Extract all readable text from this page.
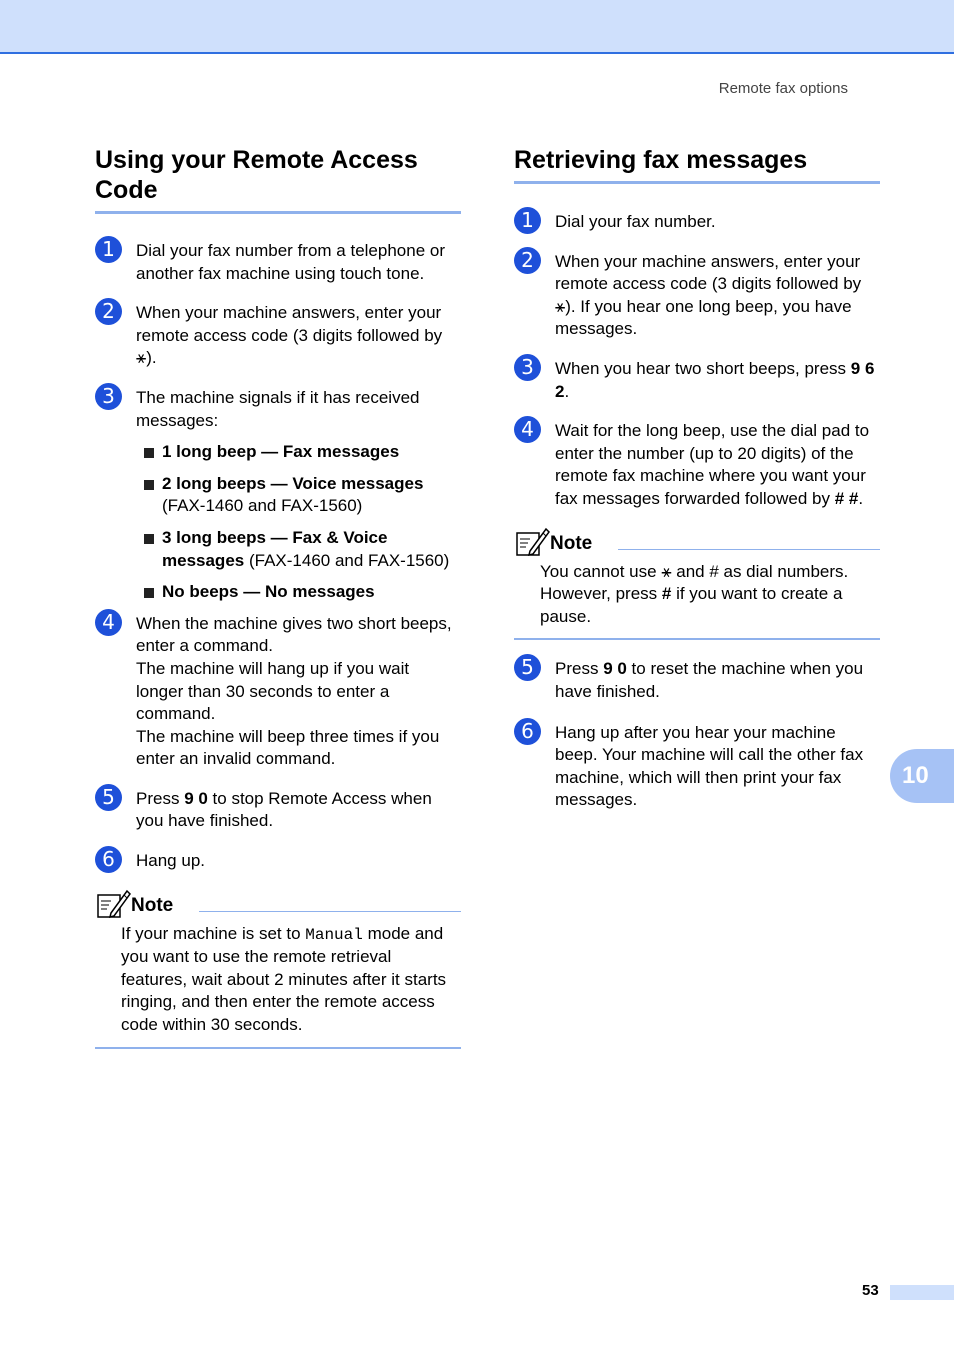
Remote fax options
Using your Remote Access Code
1	Dial your fax number from a telephone or another fax machine using touch tone.

2	When your machine answers, enter your remote access code (3 digits followed by ⚹).

3	The machine signals if it has received messages:

1 long beep — Fax messages
2 long beeps — Voice messages
(FAX-1460 and FAX-1560)
3 long beeps — Fax & Voice messages (FAX-1460 and FAX-1560)
No beeps — No messages
4	When the machine gives two short beeps, enter a command.

The machine will hang up if you wait longer than 30 seconds to enter a command.

The machine will beep three times if you enter an invalid command.

5	Press 9 0 to stop Remote Access when you have finished.

6	Hang up.

Note

If your machine is set to Manual mode and you want to use the remote retrieval features, wait about 2 minutes after it starts ringing, and then enter the remote access code within 30 seconds.

Retrieving fax messages
1	Dial your fax number.

2	When your machine answers, enter your remote access code (3 digits followed by ⚹). If you hear one long beep, you have messages.

3	When you hear two short beeps, press 9 6 2.

4	Wait for the long beep, use the dial pad to enter the number (up to 20 digits) of the remote fax machine where you want your fax messages forwarded followed by # #.

Note

You cannot use ⚹ and # as dial numbers. However, press # if you want to create a pause.

5	Press 9 0 to reset the machine when you have finished.

6	Hang up after you hear your machine beep. Your machine will call the other fax machine, which will then print your fax messages.

10
53
